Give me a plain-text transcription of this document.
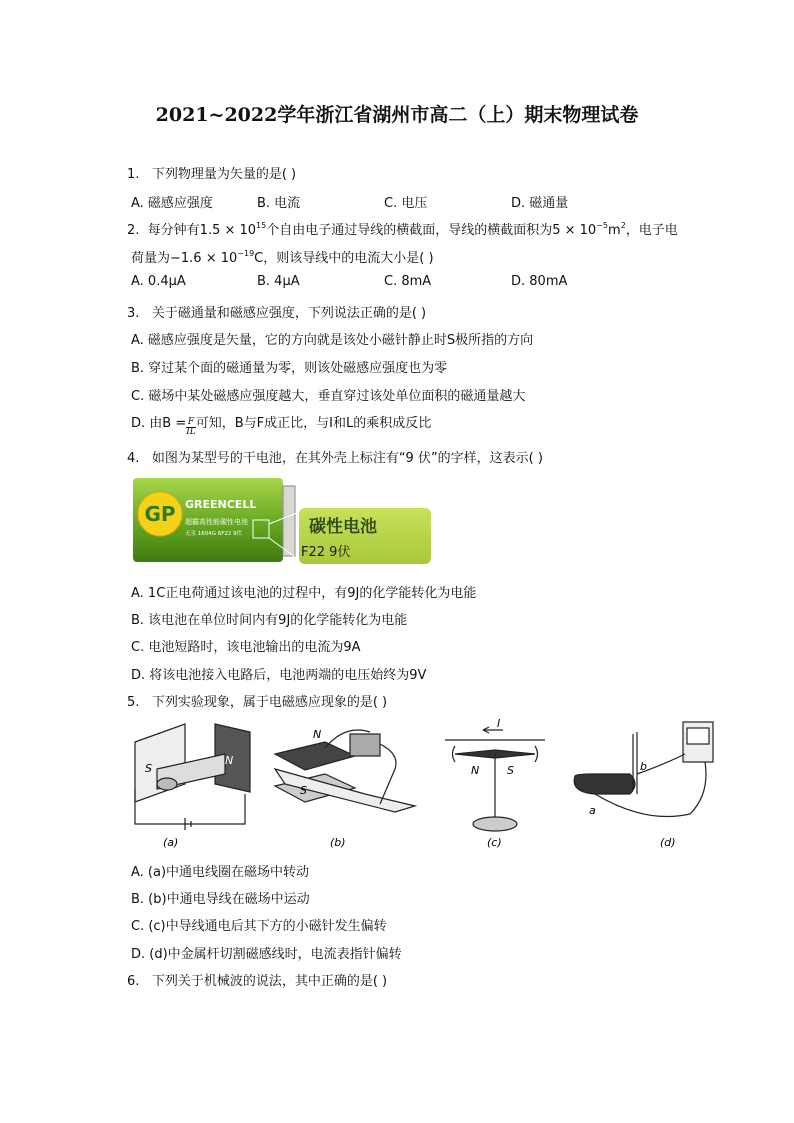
2021~2022学年浙江省湖州市高二（上）期末物理试卷
1. 下列物理量为矢量的是( )
A. 磁感应强度	B. 电流	C. 电压	D. 磁通量
2. 每分钟有$1.5 \times 10^{15}$个自由电子通过导线的横截面，导线的横截面积为$5 \times 10^{-5}m^2$，电子电
荷量为$-1.6 \times 10^{-19}C$，则该导线中的电流大小是( )
A. 0.4μA	B. 4μA	C. 8mA	D. 80mA
3. 关于磁通量和磁感应强度，下列说法正确的是( )
A. 磁感应强度是矢量，它的方向就是该处小磁针静止时S极所指的方向
B. 穿过某个面的磁通量为零，则该处磁感应强度也为零
C. 磁场中某处磁感应强度越大，垂直穿过该处单位面积的磁通量越大
D. 由$B = \frac{F}{IL}$ 可知，B与F成正比，与I和L的乘积成反比
4. 如图为某型号的干电池，在其外壳上标注有“9 伏”的字样，这表示( )
GP GREENCELL
超霸高性能碳性电池
无汞 1604G 6F22 9伏	碳性电池
F22 9伏
A. 1C正电荷通过该电池的过程中，有9J的化学能转化为电能
B. 该电池在单位时间内有9J的化学能转化为电能
C. 电池短路时，该电池输出的电流为9A
D. 将该电池接入电路后，电池两端的电压始终为9V
5. 下列实验现象，属于电磁感应现象的是( )
S
N
(a)
N
S
(b)
I
N	S
(c)
a
b
(d)
A. (a)中通电线圈在磁场中转动
B. (b)中通电导线在磁场中运动
C. (c)中导线通电后其下方的小磁针发生偏转
D. (d)中金属杆切割磁感线时，电流表指针偏转
6. 下列关于机械波的说法，其中正确的是( )
